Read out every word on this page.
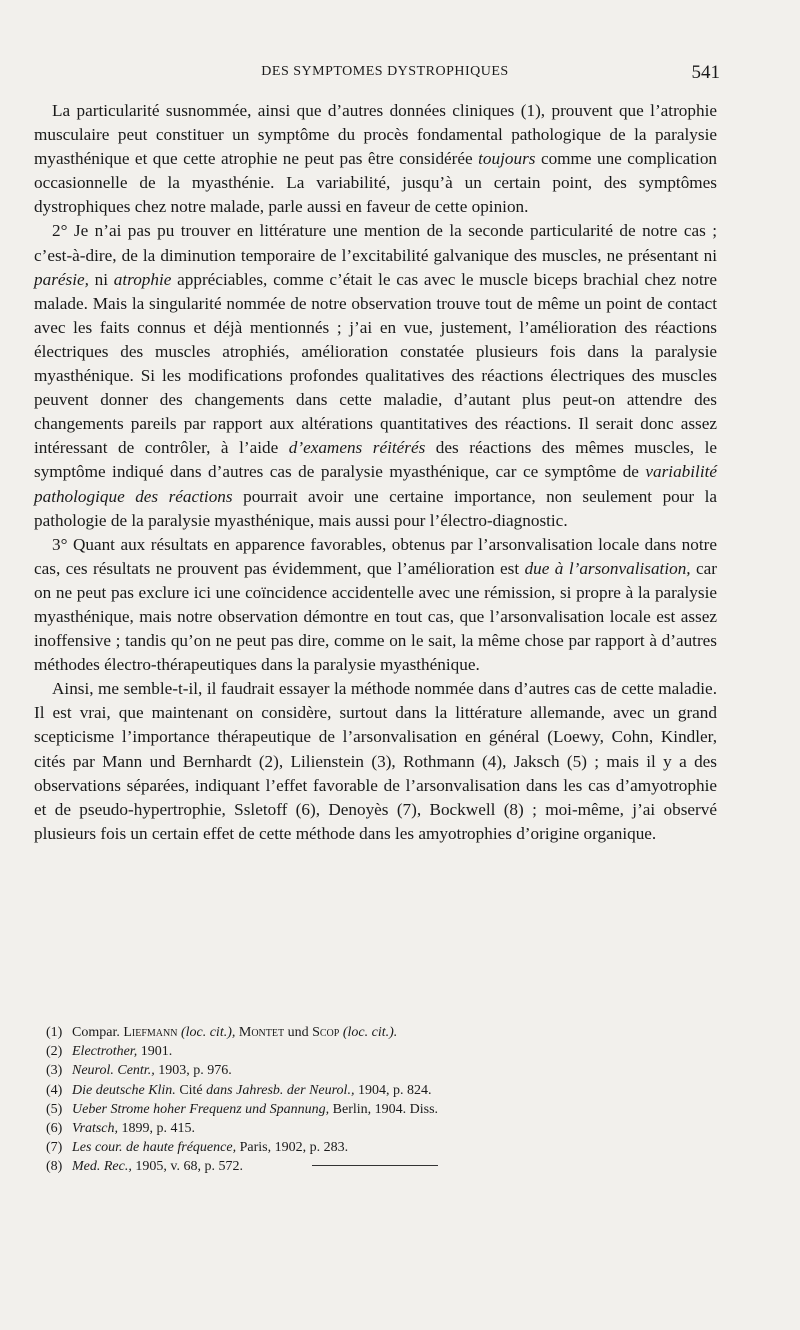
DES SYMPTOMES DYSTROPHIQUES	541

La particularité susnommée, ainsi que d’autres données cliniques (1), prouvent que l’atrophie musculaire peut constituer un symptôme du procès fondamental pathologique de la paralysie myasthénique et que cette atrophie ne peut pas être considérée toujours comme une complication occasionnelle de la myasthénie. La variabilité, jusqu’à un certain point, des symptômes dystrophiques chez notre malade, parle aussi en faveur de cette opinion.

2° Je n’ai pas pu trouver en littérature une mention de la seconde particularité de notre cas ; c’est-à-dire, de la diminution temporaire de l’excitabilité galvanique des muscles, ne présentant ni parésie, ni atrophie appréciables, comme c’était le cas avec le muscle biceps brachial chez notre malade. Mais la singularité nommée de notre observation trouve tout de même un point de contact avec les faits connus et déjà mentionnés ; j’ai en vue, justement, l’amélioration des réactions électriques des muscles atrophiés, amélioration constatée plusieurs fois dans la paralysie myasthénique. Si les modifications profondes qualitatives des réactions électriques des muscles peuvent donner des changements dans cette maladie, d’autant plus peut-on attendre des changements pareils par rapport aux altérations quantitatives des réactions. Il serait donc assez intéressant de contrôler, à l’aide d’examens réitérés des réactions des mêmes muscles, le symptôme indiqué dans d’autres cas de paralysie myasthénique, car ce symptôme de variabilité pathologique des réactions pourrait avoir une certaine importance, non seulement pour la pathologie de la paralysie myasthénique, mais aussi pour l’électro-diagnostic.

3° Quant aux résultats en apparence favorables, obtenus par l’arsonvalisation locale dans notre cas, ces résultats ne prouvent pas évidemment, que l’amélioration est due à l’arsonvalisation, car on ne peut pas exclure ici une coïncidence accidentelle avec une rémission, si propre à la paralysie myasthénique, mais notre observation démontre en tout cas, que l’arsonvalisation locale est assez inoffensive ; tandis qu’on ne peut pas dire, comme on le sait, la même chose par rapport à d’autres méthodes électro-thérapeutiques dans la paralysie myasthénique.

Ainsi, me semble-t-il, il faudrait essayer la méthode nommée dans d’autres cas de cette maladie. Il est vrai, que maintenant on considère, surtout dans la littérature allemande, avec un grand scepticisme l’importance thérapeutique de l’arsonvalisation en général (Loewy, Cohn, Kindler, cités par Mann und Bernhardt (2), Lilienstein (3), Rothmann (4), Jaksch (5) ; mais il y a des observations séparées, indiquant l’effet favorable de l’arsonvalisation dans les cas d’amyotrophie et de pseudo-hypertrophie, Ssletoff (6), Denoyès (7), Bockwell (8) ; moi-même, j’ai observé plusieurs fois un certain effet de cette méthode dans les amyotrophies d’origine organique.

(1) Compar. Liefmann (loc. cit.), Montet und Scop (loc. cit.).
(2) Electrother, 1901.
(3) Neurol. Centr., 1903, p. 976.
(4) Die deutsche Klin. Cité dans Jahresb. der Neurol., 1904, p. 824.
(5) Ueber Strome hoher Frequenz und Spannung, Berlin, 1904. Diss.
(6) Vratsch, 1899, p. 415.
(7) Les cour. de haute fréquence, Paris, 1902, p. 283.
(8) Med. Rec., 1905, v. 68, p. 572.
